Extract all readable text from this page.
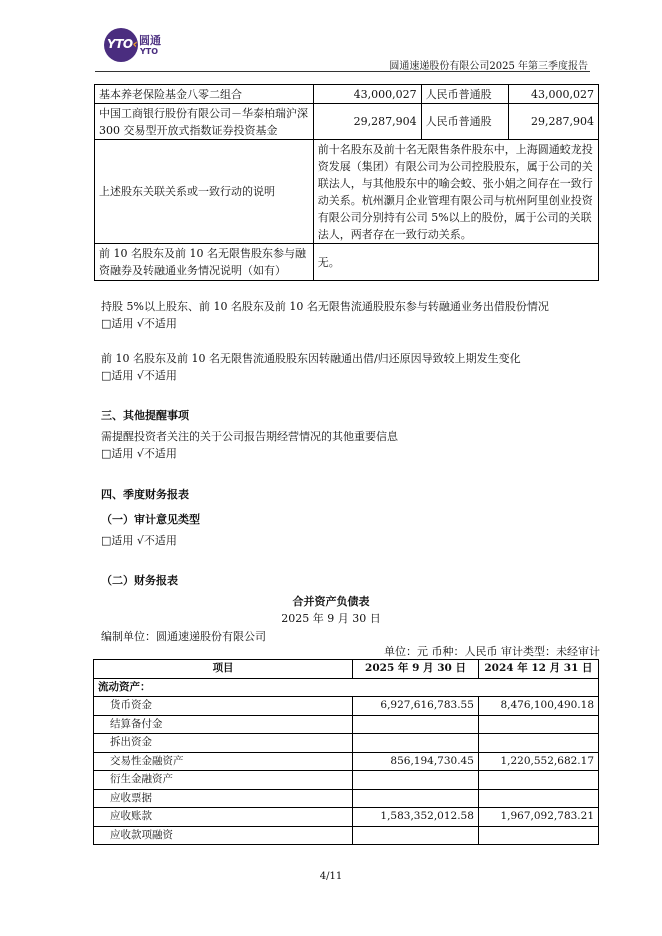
YTO‹ 圆通
YTO
圆通速递股份有限公司2025 年第三季度报告
基本养老保险基金八零二组合	43,000,027	人民币普通股	43,000,027
中国工商银行股份有限公司－华泰柏瑞沪深 300 交易型开放式指数证券投资基金	29,287,904	人民币普通股	29,287,904
上述股东关联关系或一致行动的说明	前十名股东及前十名无限售条件股东中，上海圆通蛟龙投资发展（集团）有限公司为公司控股股东，属于公司的关联法人，与其他股东中的喻会蛟、张小娟之间存在一致行动关系。杭州灏月企业管理有限公司与杭州阿里创业投资有限公司分别持有公司 5%以上的股份，属于公司的关联法人，两者存在一致行动关系。		
前 10 名股东及前 10 名无限售股东参与融资融券及转融通业务情况说明（如有）	无。		
持股 5%以上股东、前 10 名股东及前 10 名无限售流通股股东参与转融通业务出借股份情况
□适用 √不适用
前 10 名股东及前 10 名无限售流通股股东因转融通出借/归还原因导致较上期发生变化
□适用 √不适用
三、其他提醒事项
需提醒投资者关注的关于公司报告期经营情况的其他重要信息
□适用 √不适用
四、季度财务报表
（一）审计意见类型
□适用 √不适用
（二）财务报表
合并资产负债表
2025 年 9 月 30 日
编制单位：圆通速递股份有限公司
单位：元 币种：人民币 审计类型：未经审计
项目	2025 年 9 月 30 日	2024 年 12 月 31 日
流动资产：		
货币资金	6,927,616,783.55	8,476,100,490.18
结算备付金		
拆出资金		
交易性金融资产	856,194,730.45	1,220,552,682.17
衍生金融资产		
应收票据		
应收账款	1,583,352,012.58	1,967,092,783.21
应收款项融资		
4/11
